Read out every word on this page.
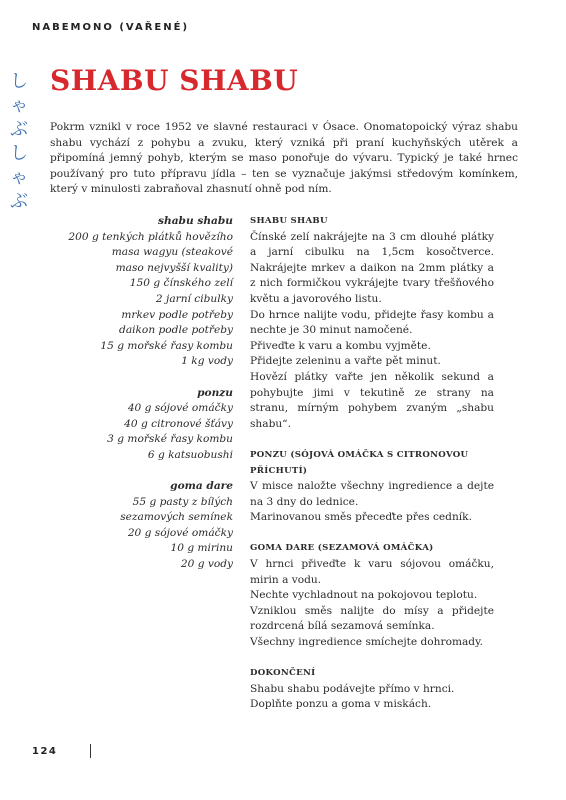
NABEMONO (VAŘENÉ)
し
ゃ
ぶ
し
ゃ
ぶ
SHABU SHABU

Pokrm vznikl v roce 1952 ve slavné restauraci v Ósace. Onomatopoický výraz shabu shabu vychází z pohybu a zvuku, který vzniká při praní kuchyňských utěrek a připomíná jemný pohyb, kterým se maso ponořuje do vývaru. Typický je také hrnec používaný pro tuto přípravu jídla – ten se vyznačuje jakýmsi středovým komínkem, který v minulosti zabraňoval zhasnutí ohně pod ním.

shabu shabu
200 g tenkých plátků hovězího
masa wagyu (steakové
maso nejvyšší kvality)
150 g čínského zelí
2 jarní cibulky
mrkev podle potřeby
daikon podle potřeby
15 g mořské řasy kombu
1 kg vody
ponzu
40 g sójové omáčky
40 g citronové šťávy
3 g mořské řasy kombu
6 g katsuobushi
goma dare
55 g pasty z bílých
sezamových semínek
20 g sójové omáčky
10 g mirinu
20 g vody
SHABU SHABU

Čínské zelí nakrájejte na 3 cm dlouhé plátky a jarní cibulku na 1,5cm kosočtverce. Nakrájejte mrkev a daikon na 2mm plátky a z nich formičkou vykrájejte tvary třešňového květu a javorového listu.

Do hrnce nalijte vodu, přidejte řasy kombu a nechte je 30 minut namočené.

Přiveďte k varu a kombu vyjměte.

Přidejte zeleninu a vařte pět minut.

Hovězí plátky vařte jen několik sekund a pohybujte jimi v tekutině ze strany na stranu, mírným pohybem zvaným „shabu shabu“.

PONZU (SÓJOVÁ OMÁČKA S CITRONOVOU PŘÍCHUTÍ)

V misce naložte všechny ingredience a dejte na 3 dny do lednice.

Marinovanou směs přeceďte přes cedník.

GOMA DARE (SEZAMOVÁ OMÁČKA)

V hrnci přiveďte k varu sójovou omáčku, mirin a vodu.

Nechte vychladnout na pokojovou teplotu.

Vzniklou směs nalijte do mísy a přidejte rozdrcená bílá sezamová semínka.

Všechny ingredience smíchejte dohromady.

DOKONČENÍ

Shabu shabu podávejte přímo v hrnci.

Doplňte ponzu a goma v miskách.

124
